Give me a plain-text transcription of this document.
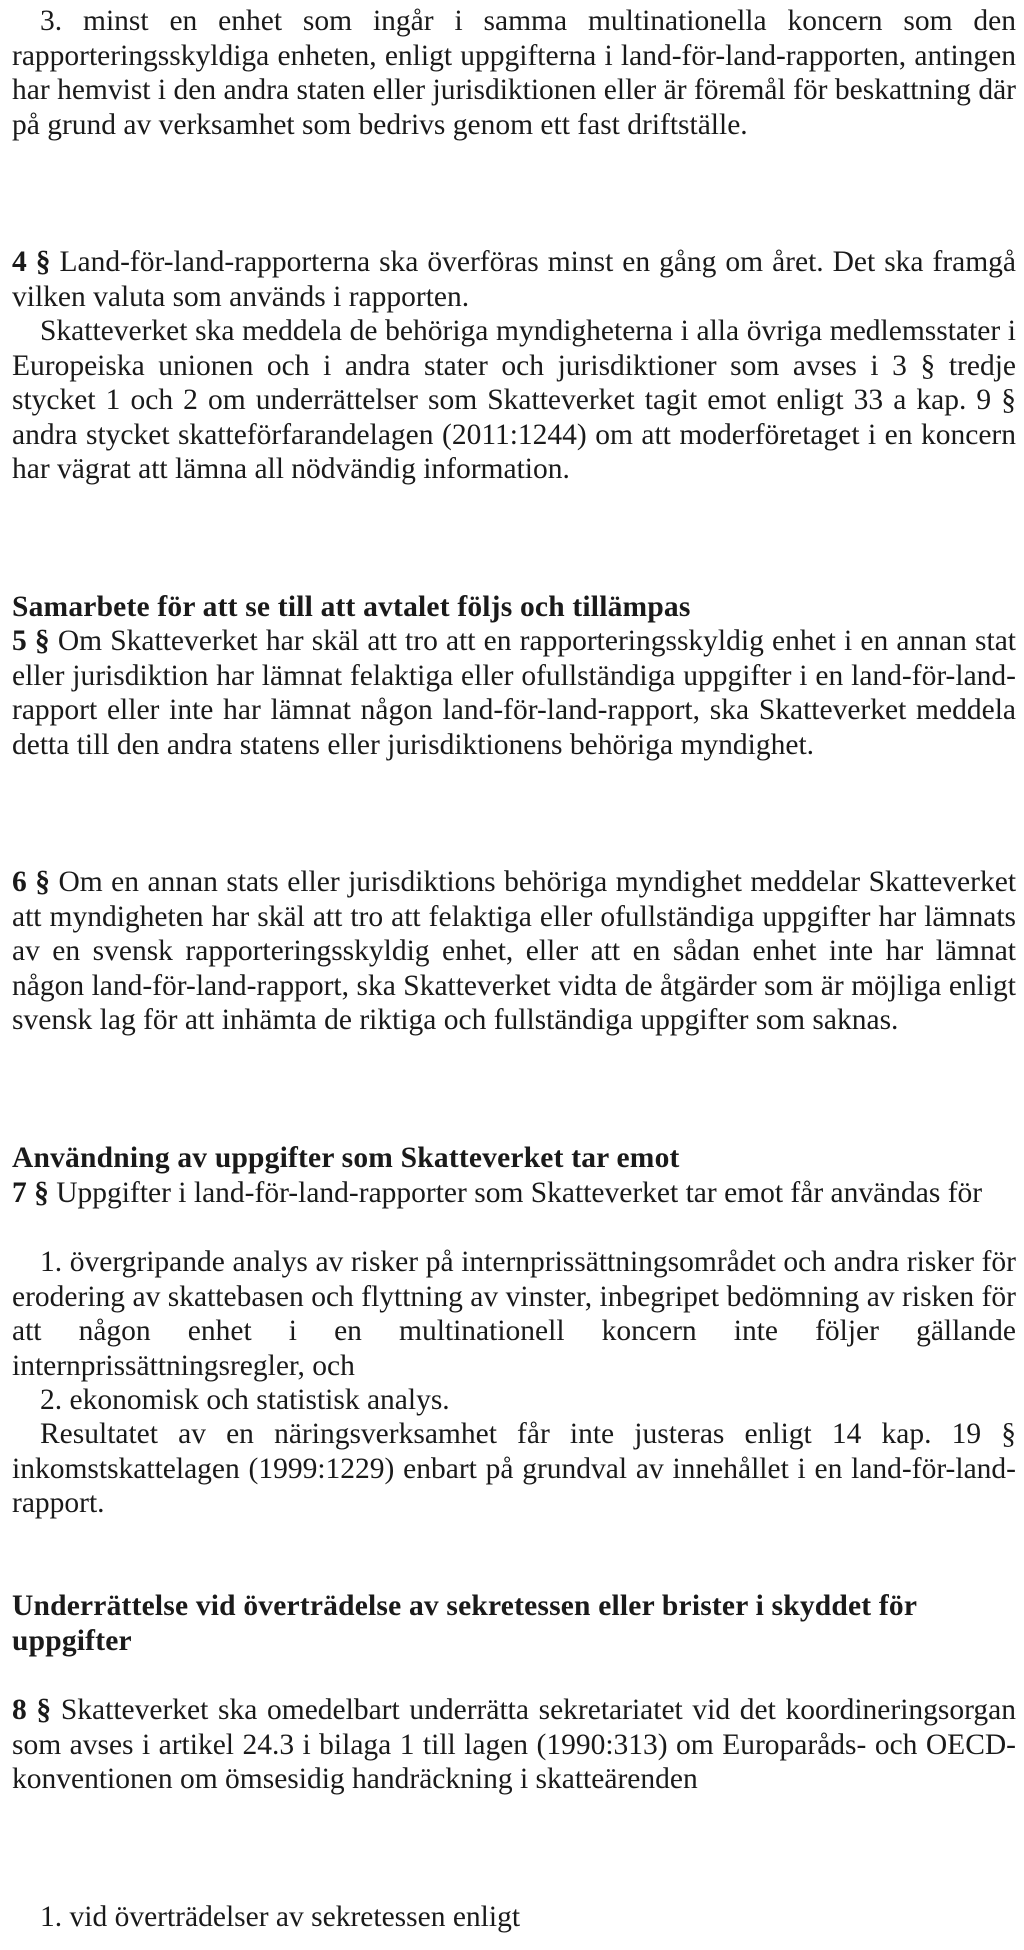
3. minst en enhet som ingår i samma multinationella koncern som den rapporteringsskyldiga enheten, enligt uppgifterna i land-för-land-rapporten, antingen har hemvist i den andra staten eller jurisdiktionen eller är föremål för beskattning där på grund av verksamhet som bedrivs genom ett fast driftställe.
4 § Land-för-land-rapporterna ska överföras minst en gång om året. Det ska framgå vilken valuta som används i rapporten.
Skatteverket ska meddela de behöriga myndigheterna i alla övriga medlemsstater i Europeiska unionen och i andra stater och jurisdiktioner som avses i 3 § tredje stycket 1 och 2 om underrättelser som Skatteverket tagit emot enligt 33 a kap. 9 § andra stycket skatteförfarandelagen (2011:1244) om att moderföretaget i en koncern har vägrat att lämna all nödvändig information.
Samarbete för att se till att avtalet följs och tillämpas
5 § Om Skatteverket har skäl att tro att en rapporteringsskyldig enhet i en annan stat eller jurisdiktion har lämnat felaktiga eller ofullständiga uppgifter i en land-för-land-rapport eller inte har lämnat någon land-för-land-rapport, ska Skatteverket meddela detta till den andra statens eller jurisdiktionens behöriga myndighet.
6 § Om en annan stats eller jurisdiktions behöriga myndighet meddelar Skatteverket att myndigheten har skäl att tro att felaktiga eller ofullständiga uppgifter har lämnats av en svensk rapporteringsskyldig enhet, eller att en sådan enhet inte har lämnat någon land-för-land-rapport, ska Skatteverket vidta de åtgärder som är möjliga enligt svensk lag för att inhämta de riktiga och fullständiga uppgifter som saknas.
Användning av uppgifter som Skatteverket tar emot
7 § Uppgifter i land-för-land-rapporter som Skatteverket tar emot får användas för
1. övergripande analys av risker på internprissättningsområdet och andra risker för erodering av skattebasen och flyttning av vinster, inbegripet bedömning av risken för att någon enhet i en multinationell koncern inte följer gällande internprissättningsregler, och
2. ekonomisk och statistisk analys.
Resultatet av en näringsverksamhet får inte justeras enligt 14 kap. 19 § inkomstskattelagen (1999:1229) enbart på grundval av innehållet i en land-för-land-rapport.
Underrättelse vid överträdelse av sekretessen eller brister i skyddet för uppgifter
8 § Skatteverket ska omedelbart underrätta sekretariatet vid det koordineringsorgan som avses i artikel 24.3 i bilaga 1 till lagen (1990:313) om Europaråds- och OECD-konventionen om ömsesidig handräckning i skatteärenden
1. vid överträdelser av sekretessen enligt
